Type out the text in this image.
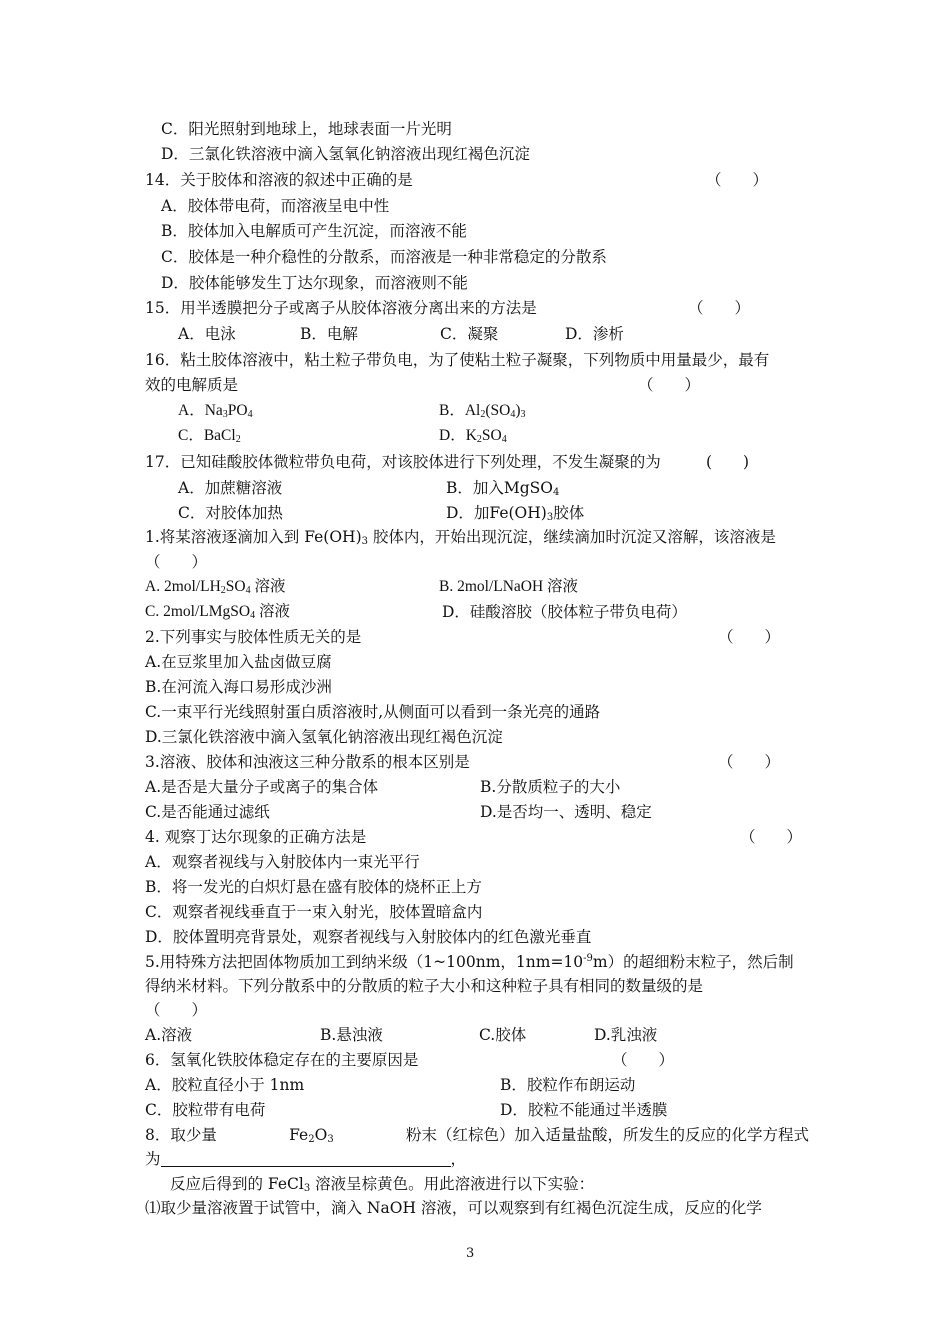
C．阳光照射到地球上，地球表面一片光明
D．三氯化铁溶液中滴入氢氧化钠溶液出现红褐色沉淀
14．关于胶体和溶液的叙述中正确的是	（　　）
A．胶体带电荷，而溶液呈电中性
B．胶体加入电解质可产生沉淀，而溶液不能
C．胶体是一种介稳性的分散系，而溶液是一种非常稳定的分散系
D．胶体能够发生丁达尔现象，而溶液则不能
15．用半透膜把分子或离子从胶体溶液分离出来的方法是	（　　）
A．电泳	B．电解	C．凝聚	D．渗析
16．粘土胶体溶液中，粘土粒子带负电，为了使粘土粒子凝聚，下列物质中用量最少，最有
效的电解质是	（　　）
A．$Na_3PO_4$	B．$Al_2(SO_4)_3$
C．BaCl$_2$	D．$K_2SO_4$
17．已知硅酸胶体微粒带负电荷，对该胶体进行下列处理，不发生凝聚的为	(　　)
A．加蔗糖溶液	B．加入MgSO$_4$
C．对胶体加热	D．加$Fe(OH)_3$胶体
1.将某溶液逐滴加入到 $Fe(OH)_3$ 胶体内，开始出现沉淀，继续滴加时沉淀又溶解，该溶液是
（　　）
A. $2mol/LH_2SO_4$ 溶液	B. 2mol/LNaOH 溶液
C. 2mol/LMgSO$_4$ 溶液	D．硅酸溶胶（胶体粒子带负电荷）
2.下列事实与胶体性质无关的是	（　　）
A.在豆浆里加入盐卤做豆腐
B.在河流入海口易形成沙洲
C.一束平行光线照射蛋白质溶液时,从侧面可以看到一条光亮的通路
D.三氯化铁溶液中滴入氢氧化钠溶液出现红褐色沉淀
3.溶液、胶体和浊液这三种分散系的根本区别是	（　　）
A.是否是大量分子或离子的集合体	B.分散质粒子的大小
C.是否能通过滤纸	D.是否均一、透明、稳定
4. 观察丁达尔现象的正确方法是	（　　）
A．观察者视线与入射胶体内一束光平行
B．将一发光的白炽灯悬在盛有胶体的烧杯正上方
C．观察者视线垂直于一束入射光，胶体置暗盒内
D．胶体置明亮背景处，观察者视线与入射胶体内的红色激光垂直
5.用特殊方法把固体物质加工到纳米级（1~100nm，$1nm=10^{-9}m$）的超细粉末粒子，然后制
得纳米材料。下列分散系中的分散质的粒子大小和这种粒子具有相同的数量级的是
（　　）
A.溶液	B.悬浊液	C.胶体	D.乳浊液
6．氢氧化铁胶体稳定存在的主要原因是	（　　）
A．胶粒直径小于 1nm	B．胶粒作布朗运动
C．胶粒带有电荷	D．胶粒不能通过半透膜
8．取少量	$Fe_2O_3$	粉末（红棕色）加入适量盐酸，所发生的反应的化学方程式
为	，
反应后得到的 FeCl$_3$ 溶液呈棕黄色。用此溶液进行以下实验：
⑴取少量溶液置于试管中，滴入 NaOH 溶液，可以观察到有红褐色沉淀生成，反应的化学
3
